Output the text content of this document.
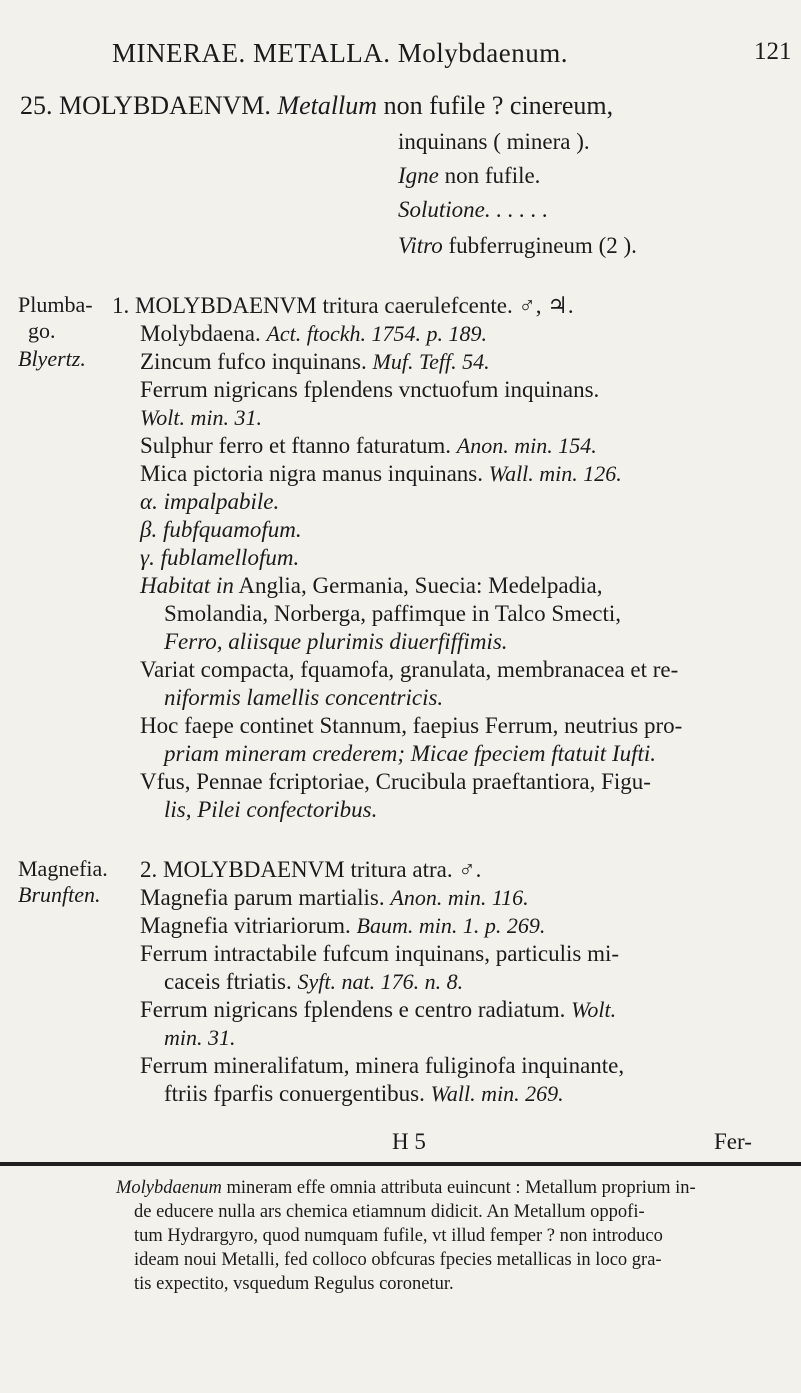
MINERAE. METALLA. Molybdaenum.	121
25. MOLYBDAENVM. Metallum non fufile ? cinereum,
inquinans ( minera ).
Igne non fufile.
Solutione. . . . . .
Vitro fubferrugineum (2 ).
Plumba-
go.
Blyertz.
1. MOLYBDAENVM tritura caerulefcente. ♂, ♃.
Molybdaena. Act. ftockh. 1754. p. 189.
Zincum fufco inquinans. Muf. Teff. 54.
Ferrum nigricans fplendens vnctuofum inquinans.
Wolt. min. 31.
Sulphur ferro et ftanno faturatum. Anon. min. 154.
Mica pictoria nigra manus inquinans. Wall. min. 126.
α. impalpabile.
β. fubfquamofum.
γ. fublamellofum.
Habitat in Anglia, Germania, Suecia: Medelpadia,
Smolandia, Norberga, paffimque in Talco Smecti,
Ferro, aliisque plurimis diuerfiffimis.
Variat compacta, fquamofa, granulata, membranacea et re-
niformis lamellis concentricis.
Hoc faepe continet Stannum, faepius Ferrum, neutrius pro-
priam mineram crederem; Micae fpeciem ftatuit Iufti.
Vfus, Pennae fcriptoriae, Crucibula praeftantiora, Figu-
lis, Pilei confectoribus.
Magnefia.
Brunften.
2. MOLYBDAENVM tritura atra. ♂.
Magnefia parum martialis. Anon. min. 116.
Magnefia vitriariorum. Baum. min. 1. p. 269.
Ferrum intractabile fufcum inquinans, particulis mi-
caceis ftriatis. Syft. nat. 176. n. 8.
Ferrum nigricans fplendens e centro radiatum. Wolt.
min. 31.
Ferrum mineralifatum, minera fuliginofa inquinante,
ftriis fparfis conuergentibus. Wall. min. 269.
H 5	Fer-
Molybdaenum mineram effe omnia attributa euincunt : Metallum proprium in-
de educere nulla ars chemica etiamnum didicit. An Metallum oppofi-
tum Hydrargyro, quod numquam fufile, vt illud femper ? non introduco
ideam noui Metalli, fed colloco obfcuras fpecies metallicas in loco gra-
tis expectito, vsquedum Regulus coronetur.
